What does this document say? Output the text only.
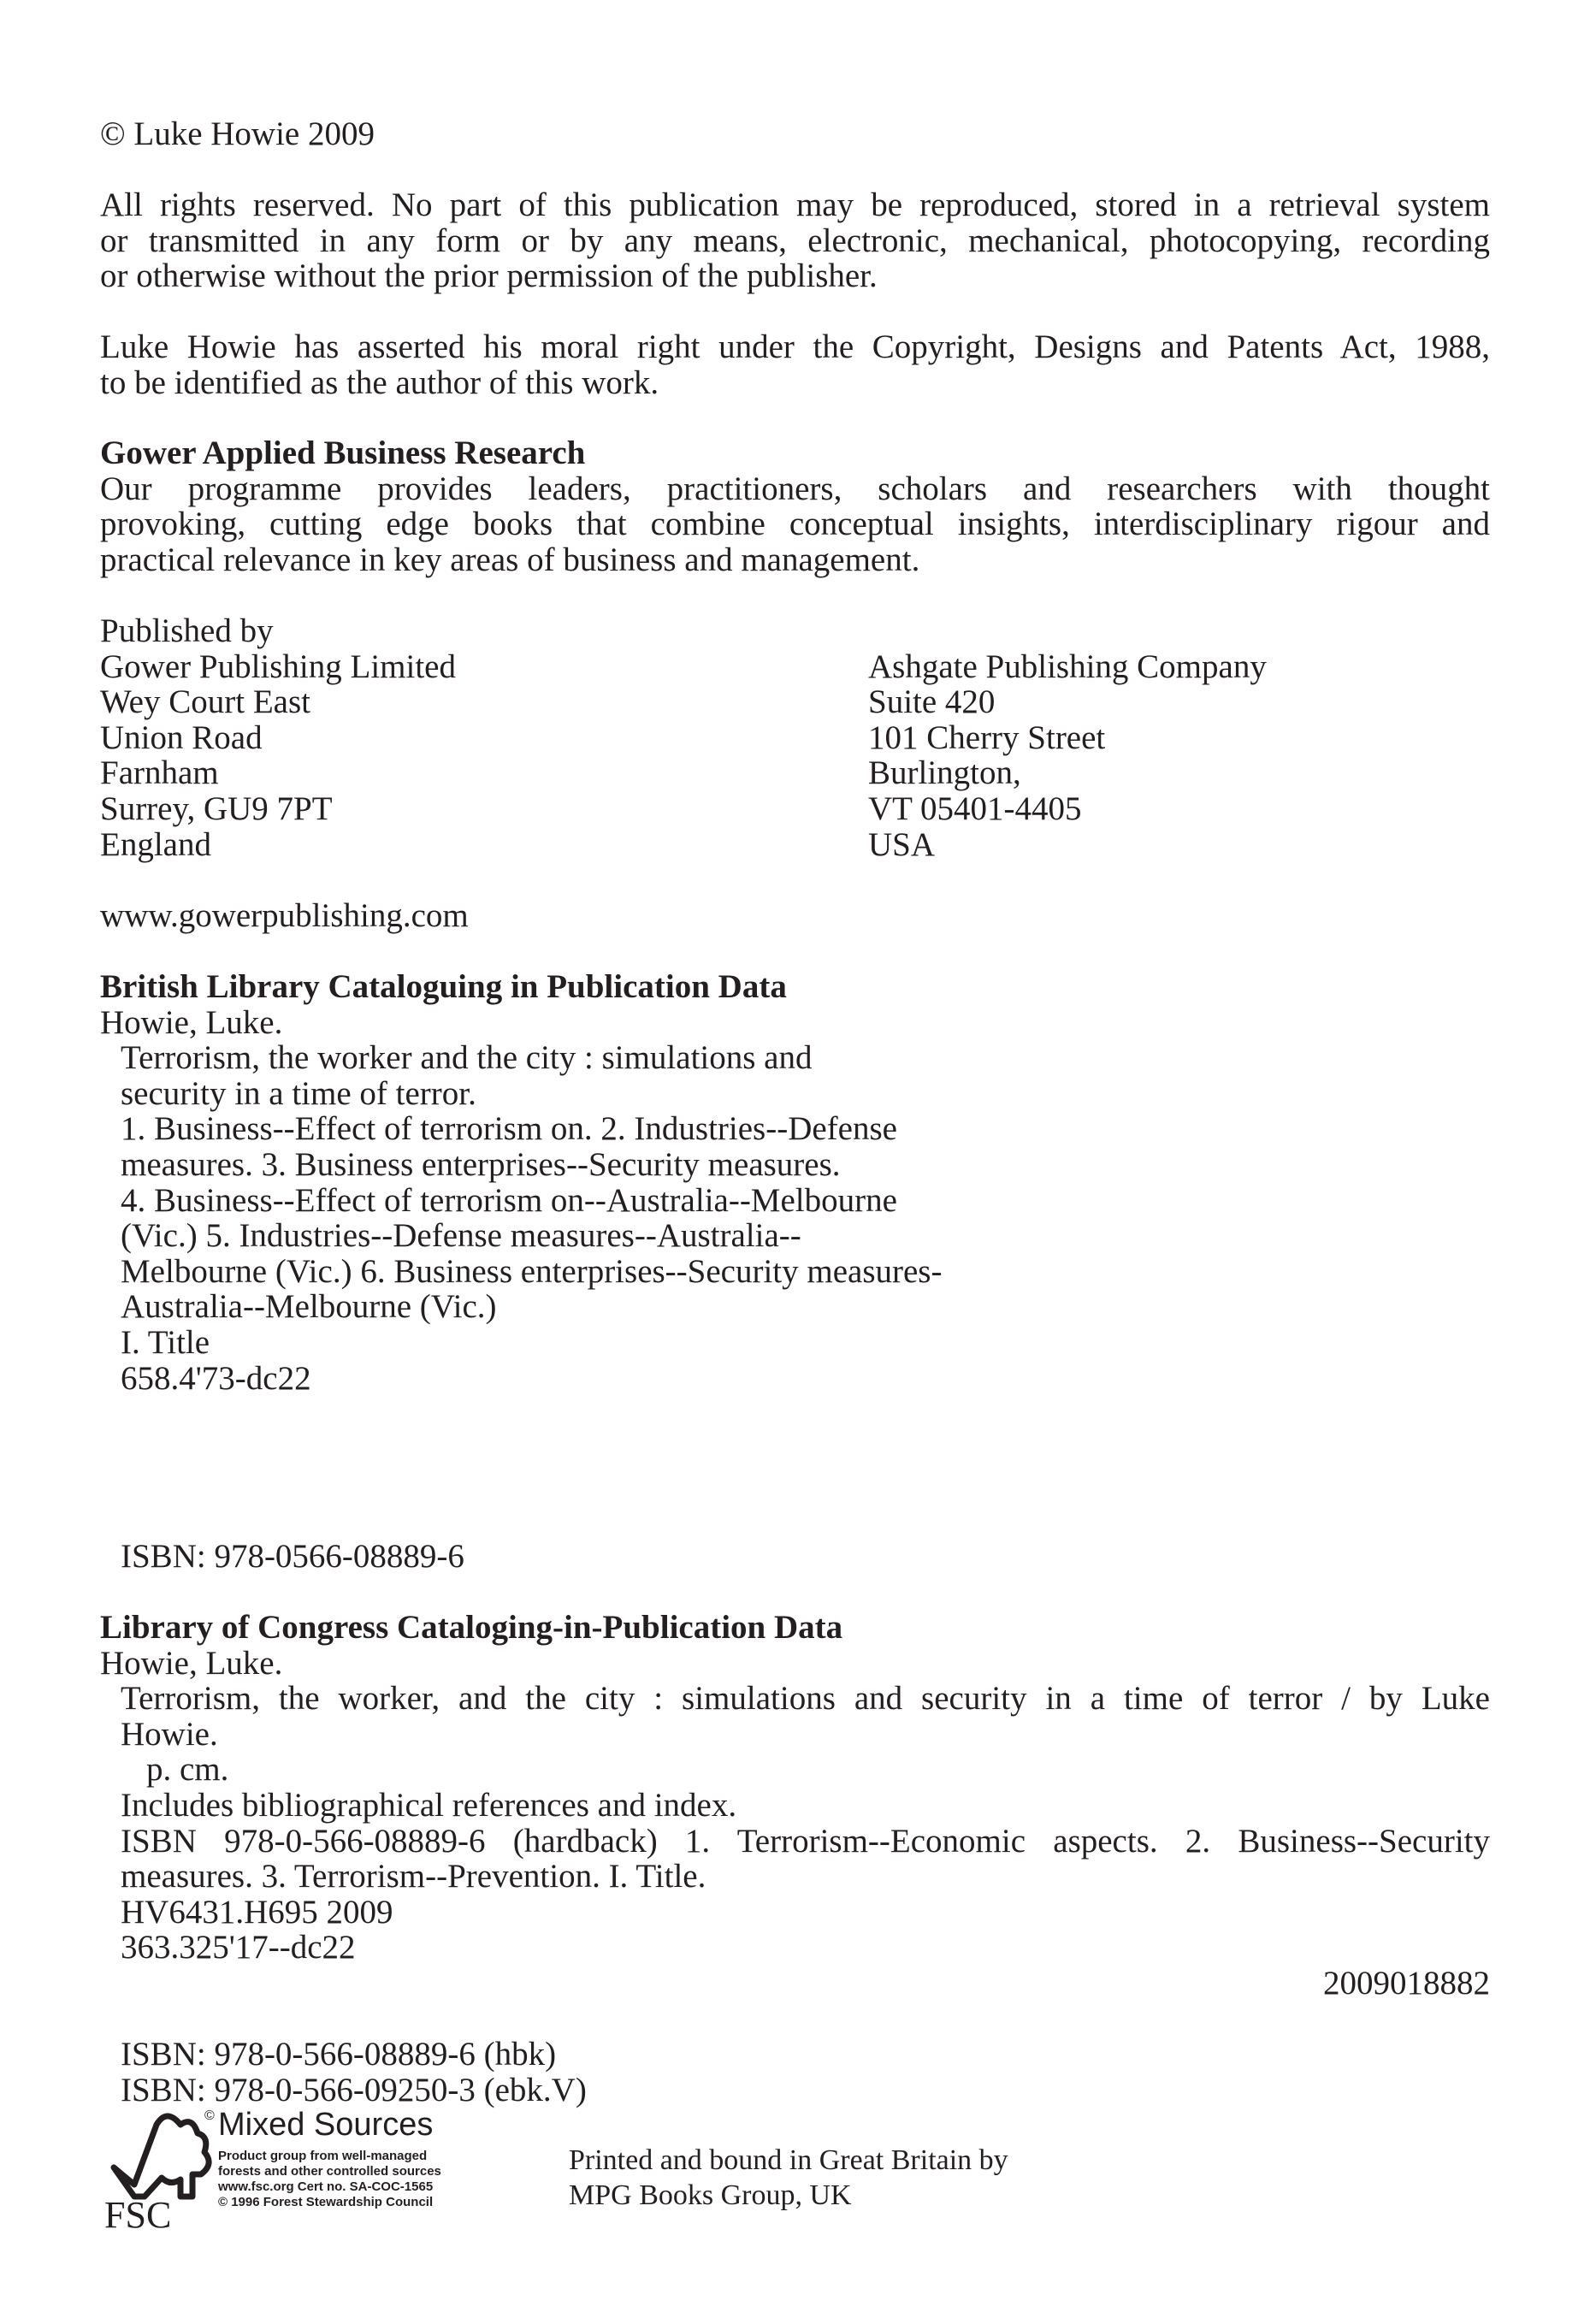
© Luke Howie 2009
All rights reserved. No part of this publication may be reproduced, stored in a retrieval system
or transmitted in any form or by any means, electronic, mechanical, photocopying, recording
or otherwise without the prior permission of the publisher.
Luke Howie has asserted his moral right under the Copyright, Designs and Patents Act, 1988,
to be identified as the author of this work.
Gower Applied Business Research
Our programme provides leaders, practitioners, scholars and researchers with thought
provoking, cutting edge books that combine conceptual insights, interdisciplinary rigour and
practical relevance in key areas of business and management.
Published by
Gower Publishing Limited
Wey Court East
Union Road
Farnham
Surrey, GU9 7PT
England
Ashgate Publishing Company
Suite 420
101 Cherry Street
Burlington,
VT 05401-4405
USA
www.gowerpublishing.com
British Library Cataloguing in Publication Data
Howie, Luke.
Terrorism, the worker and the city : simulations and
security in a time of terror.
1. Business--Effect of terrorism on. 2. Industries--Defense
measures. 3. Business enterprises--Security measures.
4. Business--Effect of terrorism on--Australia--Melbourne
(Vic.) 5. Industries--Defense measures--Australia--
Melbourne (Vic.) 6. Business enterprises--Security measures-
Australia--Melbourne (Vic.)
I. Title
658.4'73-dc22
ISBN: 978-0566-08889-6
Library of Congress Cataloging-in-Publication Data
Howie, Luke.
Terrorism, the worker, and the city : simulations and security in a time of terror / by Luke
Howie.
p. cm.
Includes bibliographical references and index.
ISBN 978-0-566-08889-6 (hardback) 1. Terrorism--Economic aspects. 2. Business--Security
measures. 3. Terrorism--Prevention. I. Title.
HV6431.H695 2009
363.325'17--dc22
2009018882
ISBN: 978-0-566-08889-6 (hbk)
ISBN: 978-0-566-09250-3 (ebk.V)
FSC
© Mixed Sources
Product group from well-managed
forests and other controlled sources
www.fsc.org Cert no. SA-COC-1565
© 1996 Forest Stewardship Council
Printed and bound in Great Britain by
MPG Books Group, UK
